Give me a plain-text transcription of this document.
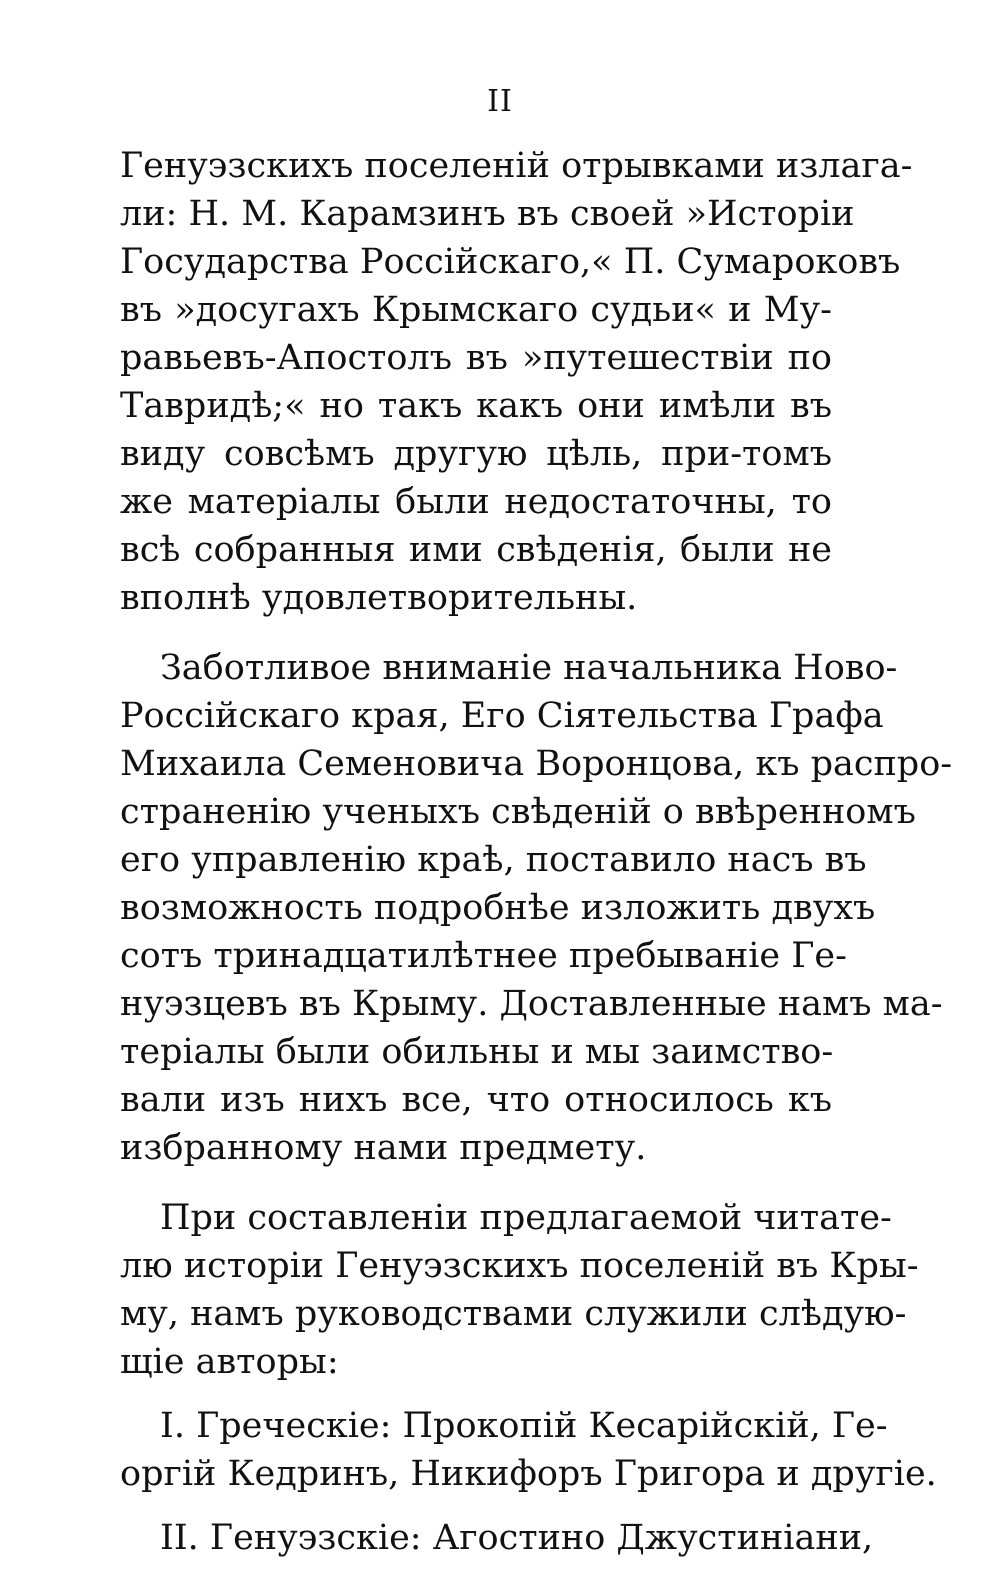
II
Генуэзскихъ поселеній отрывками излага-
ли: Н. М. Карамзинъ въ своей »Исторіи
Государства Россійскаго,« П. Сумароковъ
въ »досугахъ Крымскаго судьи« и Му-
равьевъ-Апостолъ въ »путешествіи по
Тавридѣ;« но такъ какъ они имѣли въ
виду совсѣмъ другую цѣль, при-томъ
же матеріалы были недостаточны, то
всѣ собранныя ими свѣденія, были не
вполнѣ удовлетворительны.
Заботливое вниманіе начальника Ново-
Россійскаго края, Его Сіятельства Графа
Михаила Семеновича Воронцова, къ распро-
страненію ученыхъ свѣденій о ввѣренномъ
его управленію краѣ, поставило насъ въ
возможность подробнѣе изложить двухъ
сотъ тринадцатилѣтнее пребываніе Ге-
нуэзцевъ въ Крыму. Доставленные намъ ма-
теріалы были обильны и мы заимство-
вали изъ нихъ все, что относилось къ
избранному нами предмету.
При составленіи предлагаемой читате-
лю исторіи Генуэзскихъ поселеній въ Кры-
му, намъ руководствами служили слѣдую-
щіе авторы:
I. Греческіе: Прокопій Кесарійскій, Ге-
оргій Кедринъ, Никифоръ Григора и другіе.
II. Генуэзскіе: Агостино Джустиніани,
